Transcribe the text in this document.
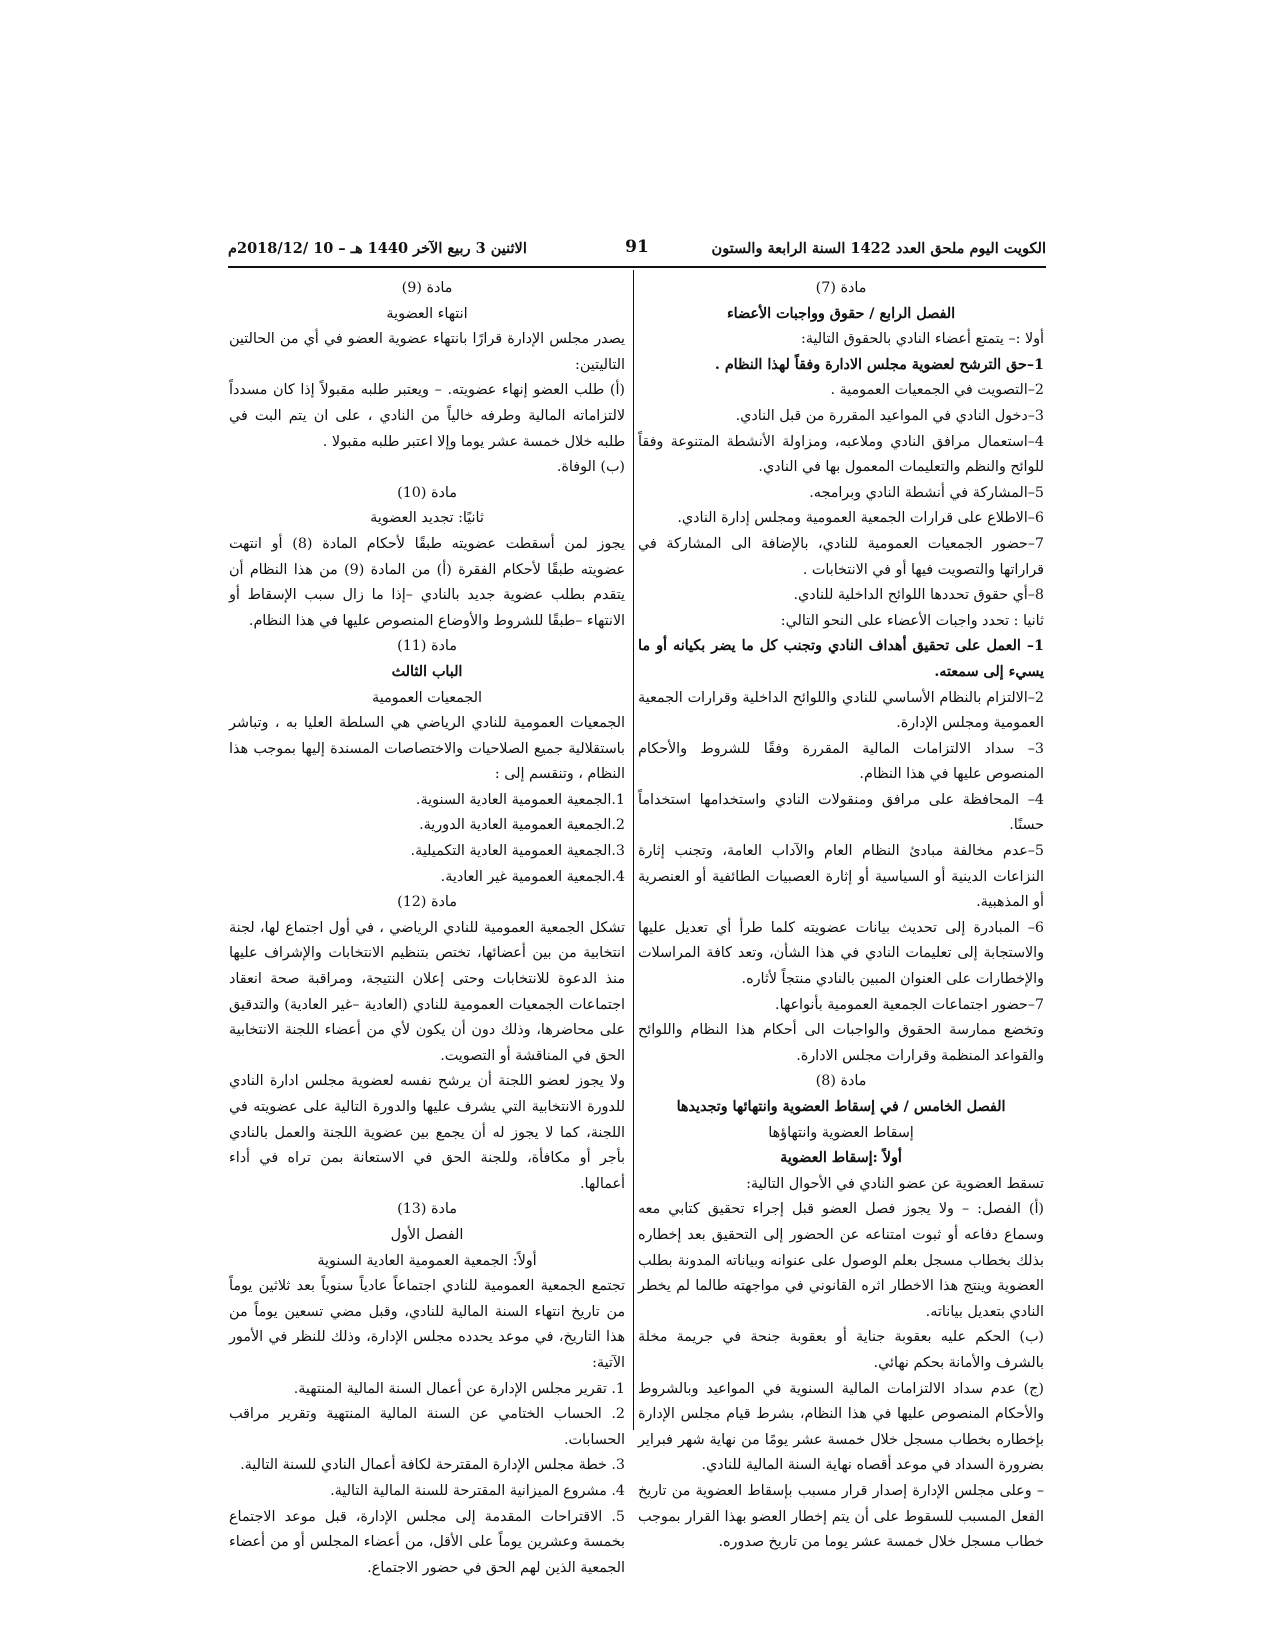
الكويت اليوم ملحق العدد 1422 السنة الرابعة والستون
91
الاثنين 3 ربيع الآخر 1440 هـ – 10 /2018/12م

مادة (7)

الفصل الرابع / حقوق وواجبات الأعضاء

أولا :– يتمتع أعضاء النادي بالحقوق التالية:

1–حق الترشح لعضوية مجلس الادارة وفقاً لهذا النظام .

2–التصويت في الجمعيات العمومية .

3–دخول النادي في المواعيد المقررة من قبل النادي.

4–استعمال مرافق النادي وملاعبه، ومزاولة الأنشطة المتنوعة وفقاً للوائح والنظم والتعليمات المعمول بها في النادي.

5–المشاركة في أنشطة النادي وبرامجه.

6–الاطلاع على قرارات الجمعية العمومية ومجلس إدارة النادي.

7–حضور الجمعيات العمومية للنادي، بالإضافة الى المشاركة في قراراتها والتصويت فيها أو في الانتخابات .

8–أي حقوق تحددها اللوائح الداخلية للنادي.

ثانيا : تحدد واجبات الأعضاء على النحو التالي:

1– العمل على تحقيق أهداف النادي وتجنب كل ما يضر بكيانه أو ما يسيء إلى سمعته.

2–الالتزام بالنظام الأساسي للنادي واللوائح الداخلية وقرارات الجمعية العمومية ومجلس الإدارة.

3– سداد الالتزامات المالية المقررة وفقًا للشروط والأحكام المنصوص عليها في هذا النظام.

4– المحافظة على مرافق ومنقولات النادي واستخدامها استخداماً حسنًا.

5–عدم مخالفة مبادئ النظام العام والآداب العامة، وتجنب إثارة النزاعات الدينية أو السياسية أو إثارة العصبيات الطائفية أو العنصرية أو المذهبية.

6– المبادرة إلى تحديث بيانات عضويته كلما طرأ أي تعديل عليها والاستجابة إلى تعليمات النادي في هذا الشأن، وتعد كافة المراسلات والإخطارات على العنوان المبين بالنادي منتجاً لأثاره.

7–حضور اجتماعات الجمعية العمومية بأنواعها.

وتخضع ممارسة الحقوق والواجبات الى أحكام هذا النظام واللوائح والقواعد المنظمة وقرارات مجلس الادارة.

مادة (8)

الفصل الخامس / في إسقاط العضوية وانتهائها وتجديدها

إسقاط العضوية وانتهاؤها

أولاً :إسقاط العضوية

تسقط العضوية عن عضو النادي في الأحوال التالية:

(أ) الفصل: – ولا يجوز فصل العضو قبل إجراء تحقيق كتابي معه وسماع دفاعه أو ثبوت امتناعه عن الحضور إلى التحقيق بعد إخطاره بذلك بخطاب مسجل بعلم الوصول على عنوانه وبياناته المدونة بطلب العضوية وينتج هذا الاخطار اثره القانوني في مواجهته طالما لم يخطر النادي بتعديل بياناته.

(ب) الحكم عليه بعقوبة جناية أو بعقوبة جنحة في جريمة مخلة بالشرف والأمانة بحكم نهائي.

(ج) عدم سداد الالتزامات المالية السنوية في المواعيد وبالشروط والأحكام المنصوص عليها في هذا النظام، بشرط قيام مجلس الإدارة بإخطاره بخطاب مسجل خلال خمسة عشر يومًا من نهاية شهر فبراير بضرورة السداد في موعد أقصاه نهاية السنة المالية للنادي.

– وعلى مجلس الإدارة إصدار قرار مسبب بإسقاط العضوية من تاريخ الفعل المسبب للسقوط على أن يتم إخطار العضو بهذا القرار بموجب خطاب مسجل خلال خمسة عشر يوما من تاريخ صدوره.

مادة (9)

انتهاء العضوية

يصدر مجلس الإدارة قرارًا بانتهاء عضوية العضو في أي من الحالتين التاليتين:

(أ) طلب العضو إنهاء عضويته. – ويعتبر طلبه مقبولاً إذا كان مسدداً لالتزاماته المالية وطرفه خالياً من النادي ، على ان يتم البت في طلبه خلال خمسة عشر يوما وإلا اعتبر طلبه مقبولا .

(ب) الوفاة.

مادة (10)

ثانيًا: تجديد العضوية

يجوز لمن أسقطت عضويته طبقًا لأحكام المادة (8) أو انتهت عضويته طبقًا لأحكام الفقرة (أ) من المادة (9) من هذا النظام أن يتقدم بطلب عضوية جديد بالنادي –إذا ما زال سبب الإسقاط أو الانتهاء –طبقًا للشروط والأوضاع المنصوص عليها في هذا النظام.

مادة (11)

الباب الثالث

الجمعيات العمومية

الجمعيات العمومية للنادي الرياضي هي السلطة العليا به ، وتباشر باستقلالية جميع الصلاحيات والاختصاصات المسندة إليها بموجب هذا النظام ، وتنقسم إلى :

1.الجمعية العمومية العادية السنوية.

2.الجمعية العمومية العادية الدورية.

3.الجمعية العمومية العادية التكميلية.

4.الجمعية العمومية غير العادية.

مادة (12)

تشكل الجمعية العمومية للنادي الرياضي ، في أول اجتماع لها، لجنة انتخابية من بين أعضائها، تختص بتنظيم الانتخابات والإشراف عليها منذ الدعوة للانتخابات وحتى إعلان النتيجة، ومراقبة صحة انعقاد اجتماعات الجمعيات العمومية للنادي (العادية –غير العادية) والتدقيق على محاضرها، وذلك دون أن يكون لأي من أعضاء اللجنة الانتخابية الحق في المناقشة أو التصويت.

ولا يجوز لعضو اللجنة أن يرشح نفسه لعضوية مجلس ادارة النادي للدورة الانتخابية التي يشرف عليها والدورة التالية على عضويته في اللجنة، كما لا يجوز له أن يجمع بين عضوية اللجنة والعمل بالنادي بأجر أو مكافأة، وللجنة الحق في الاستعانة بمن تراه في أداء أعمالها.

مادة (13)

الفصل الأول

أولاً: الجمعية العمومية العادية السنوية

تجتمع الجمعية العمومية للنادي اجتماعاً عادياً سنوياً بعد ثلاثين يوماً من تاريخ انتهاء السنة المالية للنادي، وقبل مضي تسعين يوماً من هذا التاريخ، في موعد يحدده مجلس الإدارة، وذلك للنظر في الأمور الآتية:

1. تقرير مجلس الإدارة عن أعمال السنة المالية المنتهية.

2. الحساب الختامي عن السنة المالية المنتهية وتقرير مراقب الحسابات.

3. خطة مجلس الإدارة المقترحة لكافة أعمال النادي للسنة التالية.

4. مشروع الميزانية المقترحة للسنة المالية التالية.

5. الاقتراحات المقدمة إلى مجلس الإدارة، قبل موعد الاجتماع بخمسة وعشرين يوماً على الأقل، من أعضاء المجلس أو من أعضاء الجمعية الذين لهم الحق في حضور الاجتماع.
